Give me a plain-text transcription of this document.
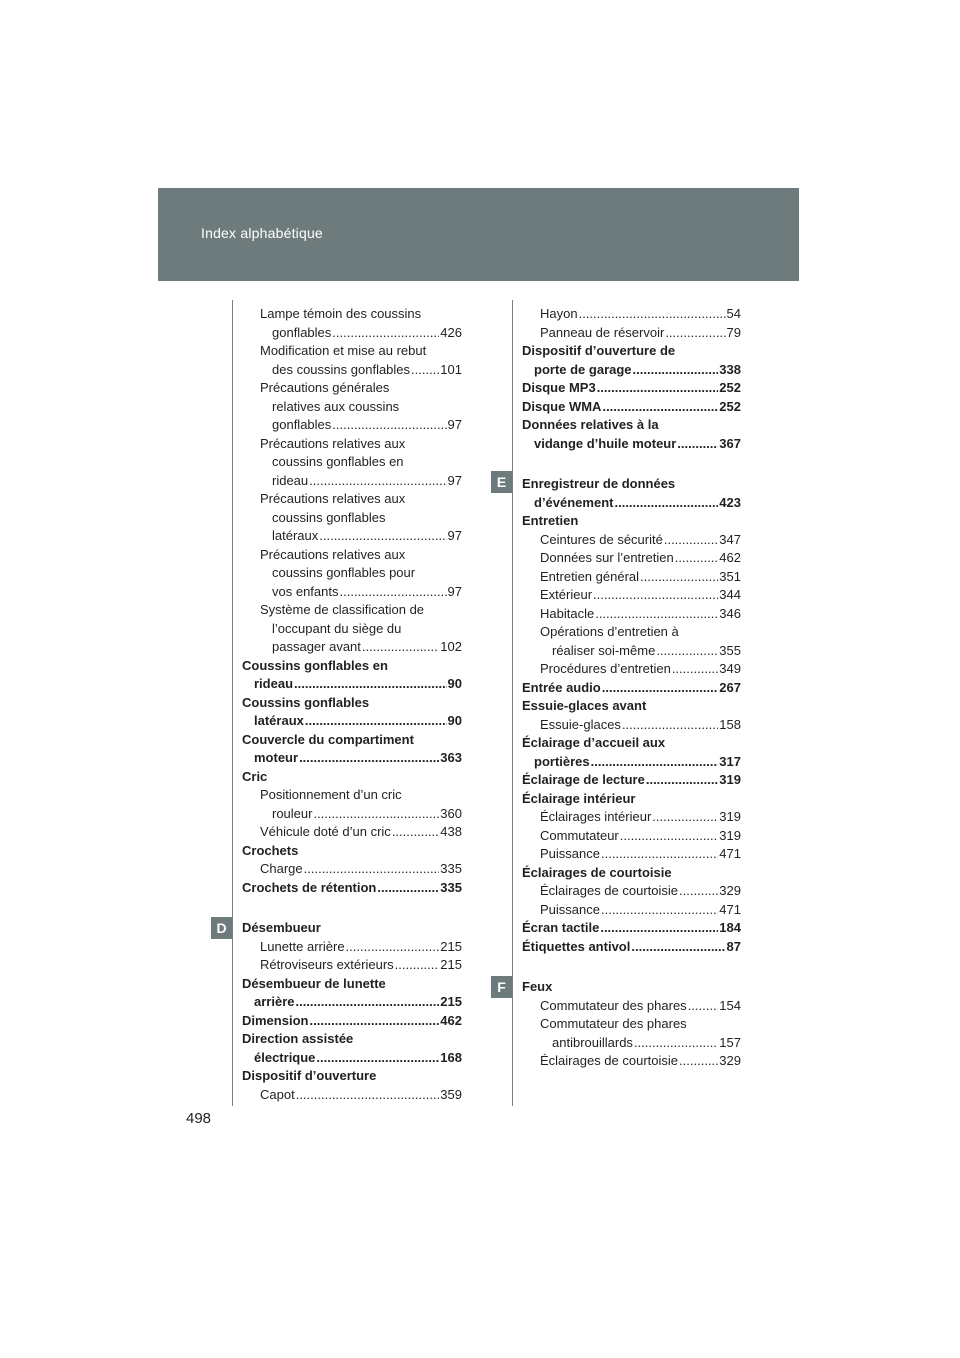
Index alphabétique
D
E
F
Lampe témoin des coussins
gonflables .....	426
Modification et mise au rebut
des coussins gonflables ..... 101
Précautions générales
relatives aux coussins
gonflables .....	97
Précautions relatives aux
coussins gonflables en
rideau .....	97
Précautions relatives aux
coussins gonflables
latéraux .....	97
Précautions relatives aux
coussins gonflables pour
vos enfants .....	97
Système de classification de
l’occupant du siège du
passager avant .....	102
Coussins gonflables en
rideau .....	90
Coussins gonflables
latéraux .....	90
Couvercle du compartiment
moteur .....	363
Cric
Positionnement d’un cric
rouleur .....	360
Véhicule doté d’un cric .....	438
Crochets
Charge .....	335
Crochets de rétention .....	335
Désembueur
Lunette arrière .....	215
Rétroviseurs extérieurs .....	215
Désembueur de lunette
arrière .....	215
Dimension .....	462
Direction assistée
électrique .....	168
Dispositif d’ouverture
Capot .....	359
Hayon .....	54
Panneau de réservoir .....	79
Dispositif d’ouverture de
porte de garage .....	338
Disque MP3 .....	252
Disque WMA .....	252
Données relatives à la
vidange d’huile moteur .....	367
Enregistreur de données
d’événement .....	423
Entretien
Ceintures de sécurité .....	347
Données sur l’entretien .....	462
Entretien général .....	351
Extérieur .....	344
Habitacle .....	346
Opérations d’entretien à
réaliser soi-même .....	355
Procédures d’entretien .....	349
Entrée audio .....	267
Essuie-glaces avant
Essuie-glaces .....	158
Éclairage d’accueil aux
portières .....	317
Éclairage de lecture .....	319
Éclairage intérieur
Éclairages intérieur .....	319
Commutateur .....	319
Puissance .....	471
Éclairages de courtoisie
Éclairages de courtoisie .....	329
Puissance .....	471
Écran tactile .....	184
Étiquettes antivol .....	87
Feux
Commutateur des phares .....	154
Commutateur des phares
antibrouillards .....	157
Éclairages de courtoisie .....	329
498
